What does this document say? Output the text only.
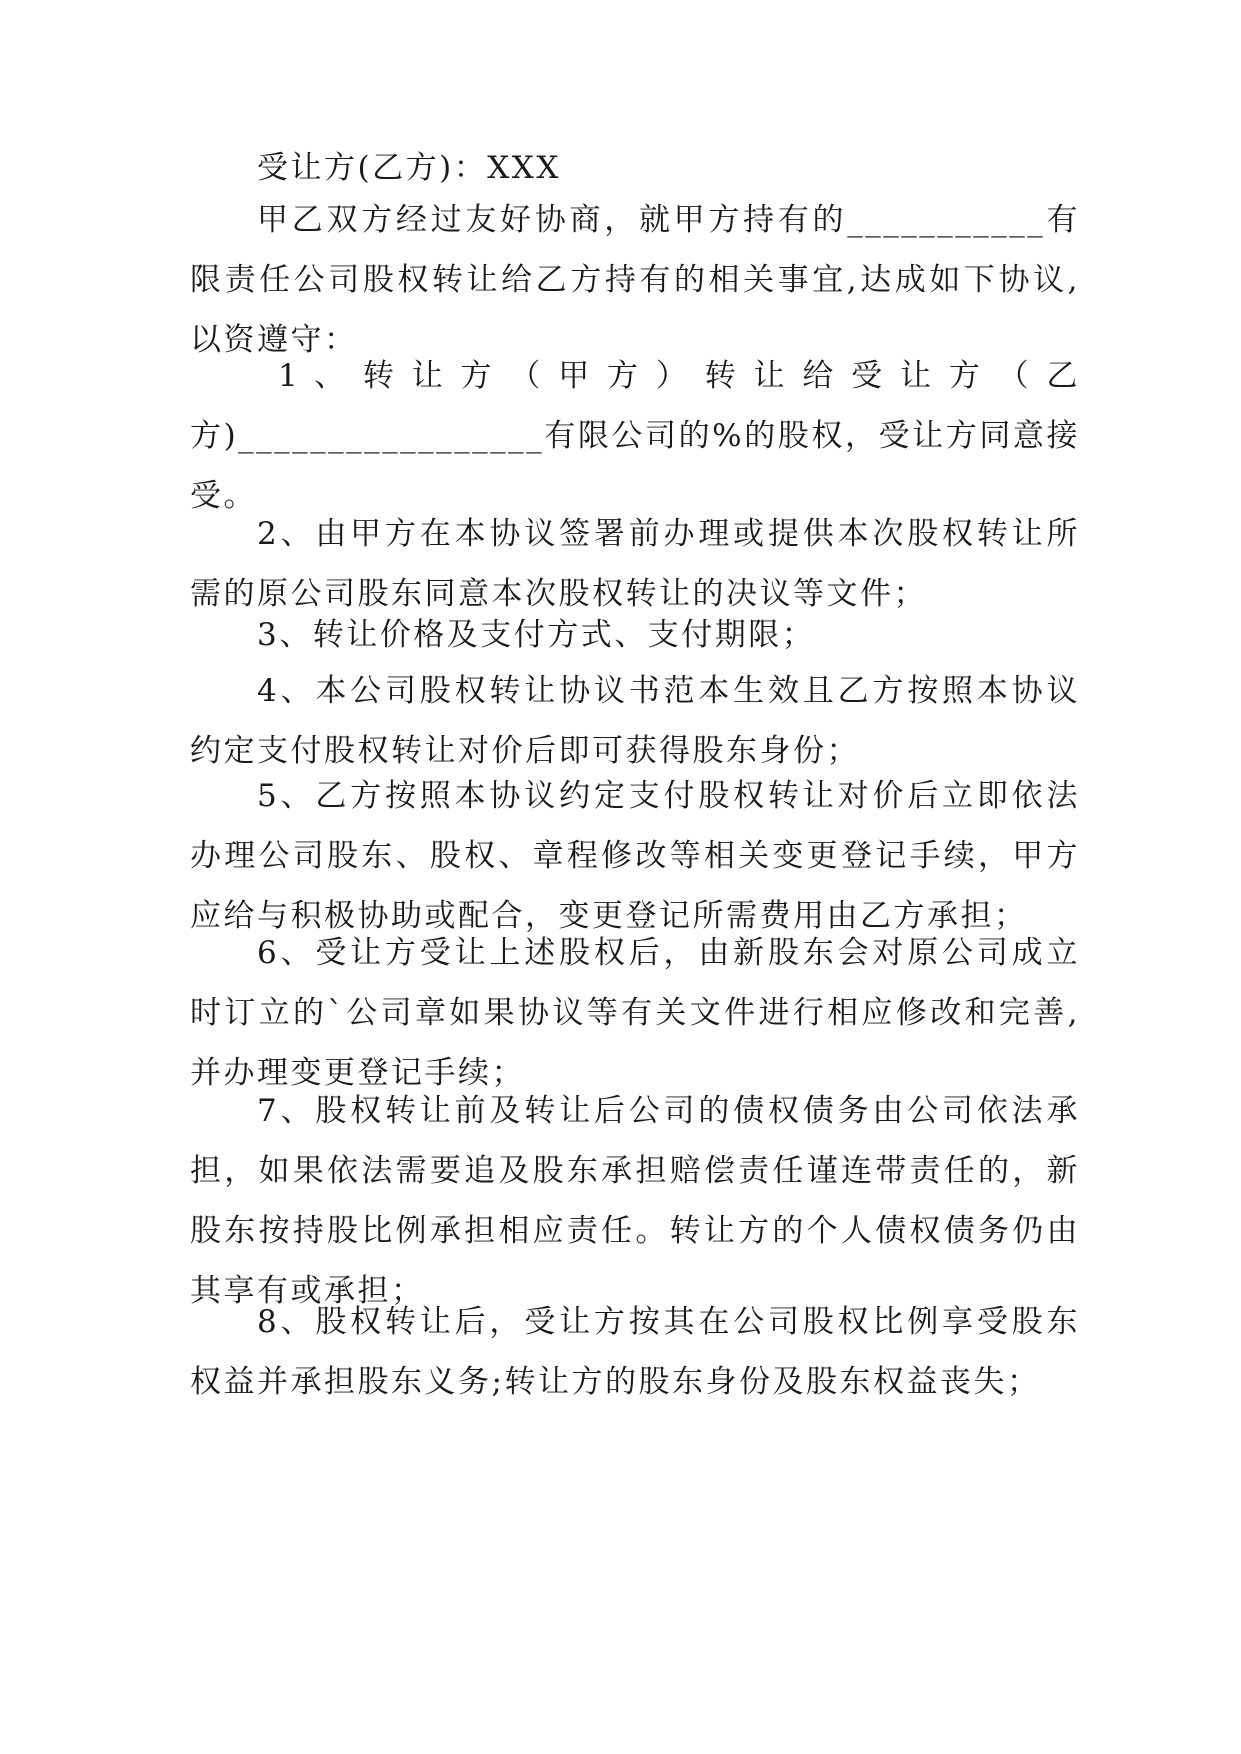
受让方(乙方)：XXX
甲乙双方经过友好协商，就甲方持有的___________有
限责任公司股权转让给乙方持有的相关事宜,达成如下协议,
以资遵守：
1 、 转 让 方 （ 甲 方 ） 转 让 给 受 让 方 （ 乙
方)_________________有限公司的%的股权，受让方同意接
受。
2、由甲方在本协议签署前办理或提供本次股权转让所
需的原公司股东同意本次股权转让的决议等文件；
3、转让价格及支付方式、支付期限；
4、本公司股权转让协议书范本生效且乙方按照本协议
约定支付股权转让对价后即可获得股东身份；
5、乙方按照本协议约定支付股权转让对价后立即依法
办理公司股东、股权、章程修改等相关变更登记手续，甲方
应给与积极协助或配合，变更登记所需费用由乙方承担；
6、受让方受让上述股权后，由新股东会对原公司成立
时订立的`公司章如果协议等有关文件进行相应修改和完善,
并办理变更登记手续；
7、股权转让前及转让后公司的债权债务由公司依法承
担，如果依法需要追及股东承担赔偿责任谨连带责任的，新
股东按持股比例承担相应责任。转让方的个人债权债务仍由
其享有或承担；
8、股权转让后，受让方按其在公司股权比例享受股东
权益并承担股东义务;转让方的股东身份及股东权益丧失；
